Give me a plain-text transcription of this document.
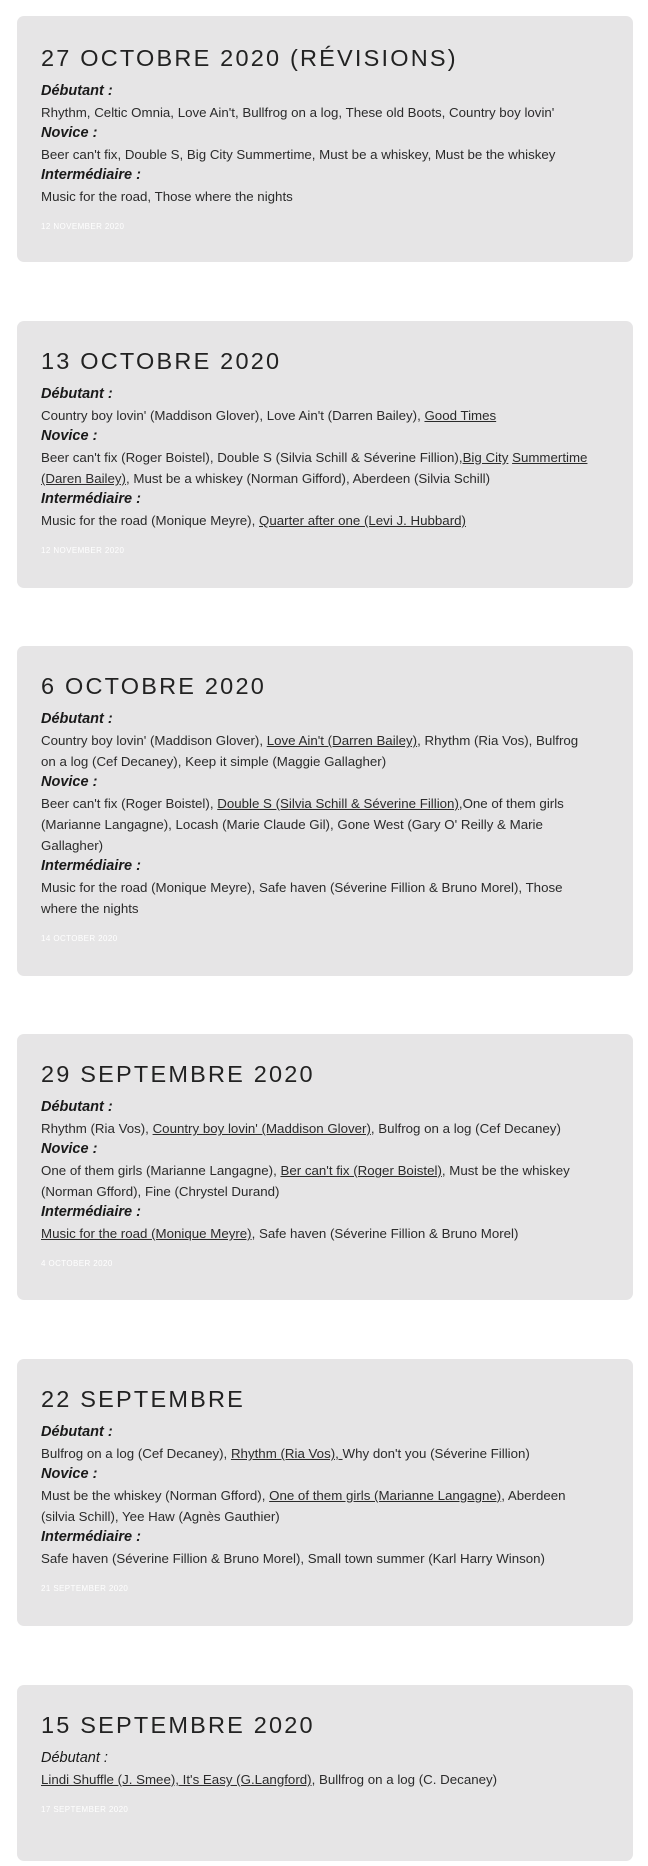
27 OCTOBRE 2020 (RÉVISIONS)
Débutant :
Rhythm, Celtic Omnia, Love Ain't, Bullfrog on a log, These old Boots, Country boy lovin'
Novice :
Beer can't fix, Double S, Big City Summertime, Must be a whiskey, Must be the whiskey
Intermédiaire :
Music for the road, Those where the nights
12 NOVEMBER 2020
13 OCTOBRE 2020
Débutant :
Country boy lovin' (Maddison Glover), Love Ain't (Darren Bailey), Good Times
Novice :
Beer can't fix (Roger Boistel), Double S (Silvia Schill & Séverine Fillion),Big City Summertime
(Daren Bailey), Must be a whiskey (Norman Gifford), Aberdeen (Silvia Schill)
Intermédiaire :
Music for the road (Monique Meyre), Quarter after one (Levi J. Hubbard)
12 NOVEMBER 2020
6 OCTOBRE 2020
Débutant :
Country boy lovin' (Maddison Glover), Love Ain't (Darren Bailey), Rhythm (Ria Vos), Bulfrog
on a log (Cef Decaney), Keep it simple (Maggie Gallagher)
Novice :
Beer can't fix (Roger Boistel), Double S (Silvia Schill & Séverine Fillion),One of them girls
(Marianne Langagne), Locash (Marie Claude Gil), Gone West (Gary O' Reilly & Marie
Gallagher)
Intermédiaire :
Music for the road (Monique Meyre), Safe haven (Séverine Fillion & Bruno Morel), Those
where the nights
14 OCTOBER 2020
29 SEPTEMBRE 2020
Débutant :
Rhythm (Ria Vos), Country boy lovin' (Maddison Glover), Bulfrog on a log (Cef Decaney)
Novice :
One of them girls (Marianne Langagne), Ber can't fix (Roger Boistel), Must be the whiskey
(Norman Gfford), Fine (Chrystel Durand)
Intermédiaire :
Music for the road (Monique Meyre), Safe haven (Séverine Fillion & Bruno Morel)
4 OCTOBER 2020
22 SEPTEMBRE
Débutant :
Bulfrog on a log (Cef Decaney), Rhythm (Ria Vos), Why don't you (Séverine Fillion)
Novice :
Must be the whiskey (Norman Gfford), One of them girls (Marianne Langagne), Aberdeen
(silvia Schill), Yee Haw (Agnès Gauthier)
Intermédiaire :
Safe haven (Séverine Fillion & Bruno Morel), Small town summer (Karl Harry Winson)
21 SEPTEMBER 2020
15 SEPTEMBRE 2020
Débutant :
Lindi Shuffle (J. Smee), It's Easy (G.Langford), Bullfrog on a log (C. Decaney)
17 SEPTEMBER 2020
